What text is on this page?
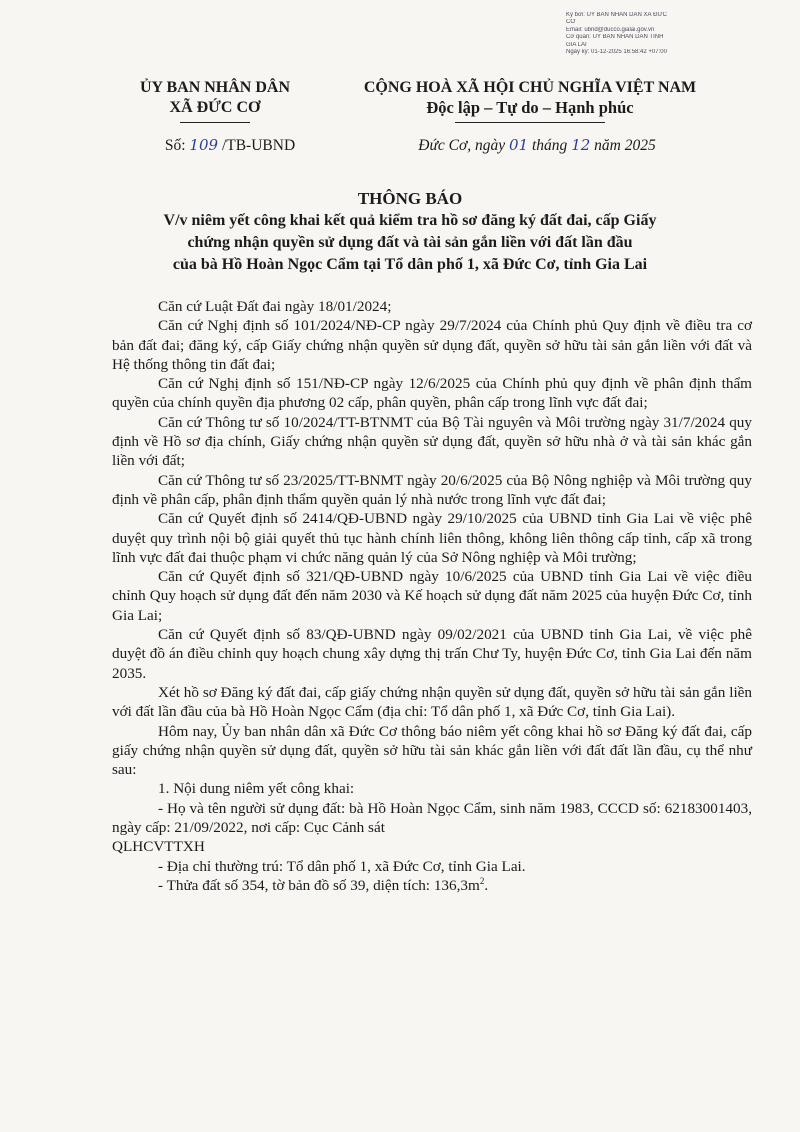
Ký bởi: ỦY BAN NHÂN DÂN XÃ ĐỨC
CƠ
Email: ubnd@ducco.gialai.gov.vn
Cơ quan: ỦY BAN NHÂN DÂN TỈNH
GIA LAI
Ngày ký: 01-12-2025 16:58:42 +07:00
ỦY BAN NHÂN DÂN
XÃ ĐỨC CƠ
CỘNG HOÀ XÃ HỘI CHỦ NGHĨA VIỆT NAM
Độc lập – Tự do – Hạnh phúc
Số: 109 /TB-UBND	Đức Cơ, ngày 01 tháng 12 năm 2025
THÔNG BÁO
V/v niêm yết công khai kết quả kiểm tra hồ sơ đăng ký đất đai, cấp Giấy
chứng nhận quyền sử dụng đất và tài sản gắn liền với đất lần đầu
của bà Hồ Hoàn Ngọc Cẩm tại Tổ dân phố 1, xã Đức Cơ, tỉnh Gia Lai

Căn cứ Luật Đất đai ngày 18/01/2024;

Căn cứ Nghị định số 101/2024/NĐ-CP ngày 29/7/2024 của Chính phủ Quy định về điều tra cơ bản đất đai; đăng ký, cấp Giấy chứng nhận quyền sử dụng đất, quyền sở hữu tài sản gắn liền với đất và Hệ thống thông tin đất đai;

Căn cứ Nghị định số 151/NĐ-CP ngày 12/6/2025 của Chính phủ quy định về phân định thẩm quyền của chính quyền địa phương 02 cấp, phân quyền, phân cấp trong lĩnh vực đất đai;

Căn cứ Thông tư số 10/2024/TT-BTNMT của Bộ Tài nguyên và Môi trường ngày 31/7/2024 quy định về Hồ sơ địa chính, Giấy chứng nhận quyền sử dụng đất, quyền sở hữu nhà ở và tài sản khác gắn liền với đất;

Căn cứ Thông tư số 23/2025/TT-BNMT ngày 20/6/2025 của Bộ Nông nghiệp và Môi trường quy định về phân cấp, phân định thẩm quyền quản lý nhà nước trong lĩnh vực đất đai;

Căn cứ Quyết định số 2414/QĐ-UBND ngày 29/10/2025 của UBND tỉnh Gia Lai về việc phê duyệt quy trình nội bộ giải quyết thủ tục hành chính liên thông, không liên thông cấp tỉnh, cấp xã trong lĩnh vực đất đai thuộc phạm vi chức năng quản lý của Sở Nông nghiệp và Môi trường;

Căn cứ Quyết định số 321/QĐ-UBND ngày 10/6/2025 của UBND tỉnh Gia Lai về việc điều chỉnh Quy hoạch sử dụng đất đến năm 2030 và Kế hoạch sử dụng đất năm 2025 của huyện Đức Cơ, tỉnh Gia Lai;

Căn cứ Quyết định số 83/QĐ-UBND ngày 09/02/2021 của UBND tỉnh Gia Lai, về việc phê duyệt đồ án điều chỉnh quy hoạch chung xây dựng thị trấn Chư Ty, huyện Đức Cơ, tỉnh Gia Lai đến năm 2035.

Xét hồ sơ Đăng ký đất đai, cấp giấy chứng nhận quyền sử dụng đất, quyền sở hữu tài sản gắn liền với đất lần đầu của bà Hồ Hoàn Ngọc Cẩm (địa chỉ: Tổ dân phố 1, xã Đức Cơ, tỉnh Gia Lai).

Hôm nay, Ủy ban nhân dân xã Đức Cơ thông báo niêm yết công khai hồ sơ Đăng ký đất đai, cấp giấy chứng nhận quyền sử dụng đất, quyền sở hữu tài sản khác gắn liền với đất đất lần đầu, cụ thể như sau:

1. Nội dung niêm yết công khai:

- Họ và tên người sử dụng đất: bà Hồ Hoàn Ngọc Cẩm, sinh năm 1983, CCCD số: 62183001403, ngày cấp: 21/09/2022, nơi cấp: Cục Cảnh sát

QLHCVTTXH

- Địa chỉ thường trú: Tổ dân phố 1, xã Đức Cơ, tỉnh Gia Lai.

- Thửa đất số 354, tờ bản đồ số 39, diện tích: $136,3m^2$.
